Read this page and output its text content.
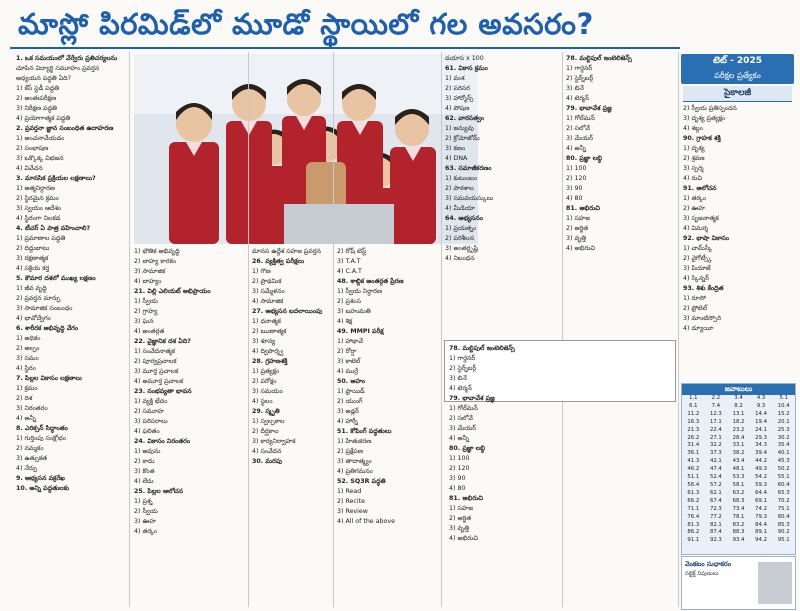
మాస్లో పిరమిడ్‌లో మూడో స్థాయిలో గల అవసరం?
టెట్ - 2025
పరీక్షల ప్రత్యేకం
సైకాలజీ

1. ఒక సమయంలో వేర్వేరు ప్రతిచర్యలను

చూపిన విద్యార్థి సమూహం ప్రవర్తన

అధ్యయన పద్ధతి ఏది?

1) కేస్ స్టడీ పద్ధతి

2) అంతఃపరీక్షణ

3) నిరీక్షణ పద్ధతి

4) ప్రయోగాత్మక పద్ధతి

2. ప్రవర్తనా జ్ఞాన సంబంధిత ఉదాహరణ

1) అంచనావేయడం

2) సంభాషణ

3) ఒక్కొక్క విభజన

4) వివేచన

3. మానసిక ప్రక్రియల లక్షణాలు?

1) అత్మనిర్దారణ

2) స్థిరమైన క్రమం

3) స్వయం ఆదేశం

4) స్థిరంగా నిలకడ

4. టీచర్ ఏ పాత్ర వహించాలి?

1) ప్రమాణాల పద్ధతి

2) దిద్దుబాటు

3) రక్షణాత్మక

4) సక్రియ కర్త

5. కౌమార దశలో ముఖ్య లక్షణం

1) జీవ వృద్ధి

2) ప్రవర్తన మార్పు

3) సామాజిక సంబంధం

4) భావోద్వేగం

6. శారీరక అభివృద్ధి వేగం

1) అధికం

2) అల్పం

3) సమం

4) స్థిరం

7. పిల్లల వికాసం లక్షణాలు

1) క్రమం

2) దిశ

3) నిరంతరం

4) అన్నీ

8. ఎరిక్సన్ సిద్ధాంతం

1) గుర్తింపు సంక్షోభం

2) నమ్మకం

3) ఉత్సుకత

4) నేర్పు

9. అభ్యసన వక్రరేఖ

10. అన్ని పద్ధతులకు

1) భౌతిక అభివృద్ధి

2) బాహ్య కారకం

3) సామాజిక

4) బాహ్యం

21. విల్లి ఎలియట్ అభిప్రాయం

1) స్వీయ

2) గ్రాహ్య

3) ఘన

4) అంతర్గత

22. వైజ్ఞానిక దశ ఏది?

1) సంవేదనాత్మక

2) పూర్వప్రచాలక

3) మూర్త ప్రచాలక

4) అమూర్త ప్రచాలక

23. సంభవ్యతా భావన

1) వ్యక్తి భేదం

2) సమూహ

3) పరిసరాలు

4) ఫలితం

24. వికాసం నిరంతరం

1) అవును

2) కాదు

3) కొంత

4) లేదు

25. పిల్లల ఆలోచన

1) ప్రశ్న

2) స్వీయ

3) ఊహ

4) తర్కం

మానస ఉద్దేశ సహజ ప్రవర్తన

26. వ్యక్తిత్వ పరీక్షలు

1) గౌణ

2) ప్రాథమిక

3) సమ్మేళనం

4) సామాజిక

27. అభ్యసన బదలాయింపు

1) ధనాత్మక

2) ఋణాత్మక

3) శూన్య

4) ద్విపార్శ్వ

28. గ్రహణశక్తి

1) ప్రత్యక్షం

2) పరోక్షం

3) సమయం

4) స్థలం

29. స్మృతి

1) స్వల్పకాల

2) దీర్ఘకాల

3) కార్యనిర్వాహక

4) సంవేదన

30. మరపు

2) రోష్ టెస్ట్

3) T.A.T

4) C.A.T

48. శాబ్దిక అంతర్గత ప్రేరణ

1) స్వీయ నిర్ధారణ

2) ప్రశంస

3) బహుమతి

4) శిక్ష

49. MMPI పరీక్ష

1) హాథావే

2) రోర్షా

3) కాటెల్

4) ముర్రే

50. అహం

1) ఫ్రాయిడ్

2) యుంగ్

3) అడ్లర్

4) హార్నీ

51. కోపింగ్ పద్ధతులు

1) హేతుకరణ

2) ప్రక్షేపణ

3) తాదాత్మ్యం

4) ప్రతిగమనం

52. SQ3R పద్ధతి

1) Read

2) Recite

3) Review

4) All of the above

డయాస x 100

61. వికాస క్రమం

1) వంశ

2) పరిసర

3) హార్మోన్స్

4) పోషణ

62. వారసత్వం

1) జన్యువు

2) క్రోమోజోమ్

3) కణం

4) DNA

63. సమాజీకరణం

1) కుటుంబం

2) పాఠశాల

3) సమవయస్కులు

4) మీడియా

64. అభ్యసనం

1) ప్రయత్నం

2) పరిశీలన

3) అంతర్దృష్టి

4) నిబంధన

78. మల్టిపుల్ ఇంటెలిజెన్స్

1) గార్డెనర్

2) స్టెర్న్‌బర్గ్

3) బినే

4) టెర్మన్

79. భావావేశ ప్రజ్ఞ

1) గోల్‌మన్

2) సలోవే

3) మేయర్

4) అన్నీ

80. ప్రజ్ఞా లబ్ధి

1) 100

2) 120

3) 90

4) 80

81. అభిరుచి

1) సహజ

2) అర్జిత

3) వృత్తి

4) అభిరుచి

2) స్వీయ ప్రతిస్పందన

3) దృశ్య ప్రత్యక్షం

4) శబ్దం

90. గ్రాహక శక్తి

1) దృశ్య

2) శ్రవణ

3) స్పర్శ

4) రుచి

91. ఆలోచన

1) తర్కం

2) ఊహ

3) సృజనాత్మక

4) విమర్శ

92. భాషా వికాసం

1) చామ్‌స్కీ

2) వైగోట్స్కీ

3) పియాజే

4) స్కిన్నర్

93. శిశు కేంద్రిత

1) రూసో

2) ఫ్రోబెల్

3) మాంటిస్సోరి

4) డ్యూయీ

78. మల్టిపుల్ ఇంటెలిజెన్స్

1) గార్డెనర్

2) స్టెర్న్‌బర్గ్

3) బినే

4) టెర్మన్

79. భావావేశ ప్రజ్ఞ

1) గోల్‌మన్

2) సలోవే

3) మేయర్

4) అన్నీ

80. ప్రజ్ఞా లబ్ధి

1) 100

2) 120

3) 90

4) 80

81. అభిరుచి

1) సహజ

2) అర్జిత

3) వృత్తి

4) అభిరుచి

జవాబులు
1.1	2.2	3.4	4.3	5.1
6.1	7.4	8.2	9.3	10.4
11.2	12.3	13.1	14.4	15.2
16.3	17.1	18.2	19.4	20.1
21.3	22.4	23.2	24.1	25.3
26.2	27.1	28.4	29.3	30.2
31.4	32.2	33.1	34.3	35.4
36.1	37.3	38.2	39.4	40.1
41.3	42.1	43.4	44.2	45.3
46.2	47.4	48.1	49.3	50.2
51.1	52.4	53.3	54.2	55.1
56.4	57.2	58.1	59.3	60.4
61.3	62.1	63.2	64.4	65.3
66.2	67.4	68.3	69.1	70.2
71.1	72.3	73.4	74.2	75.1
76.4	77.2	78.1	79.3	80.4
81.3	82.1	83.2	84.4	85.3
86.2	87.4	88.3	89.1	90.2
91.1	92.3	93.4	94.2	95.1
వెంకటం సుధాకరం
సబ్జెక్ట్ నిపుణులు
